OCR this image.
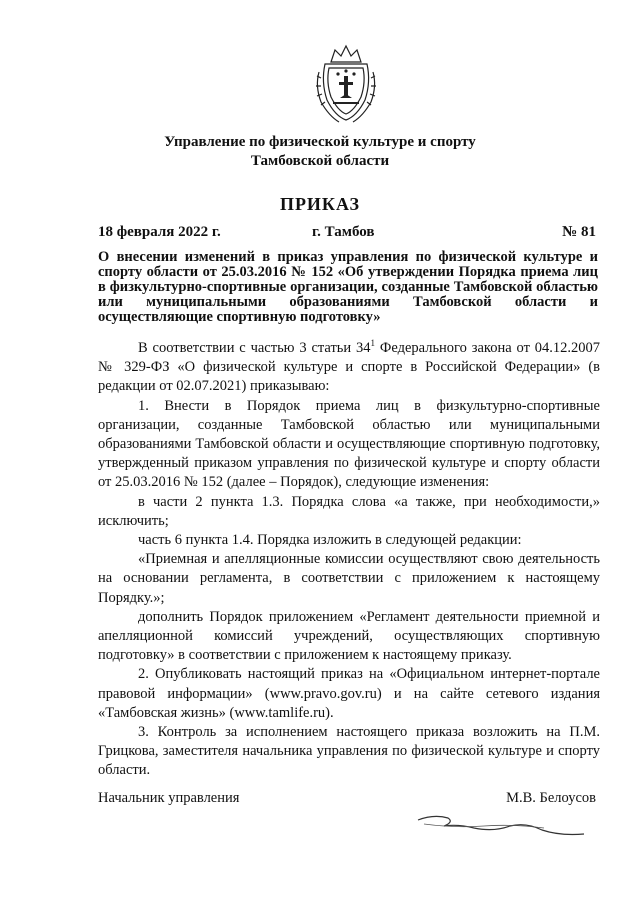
Управление по физической культуре и спорту
Тамбовской области
ПРИКАЗ
18 февраля 2022 г.	г. Тамбов	№ 81
О внесении изменений в приказ управления по физической культуре и спорту области от 25.03.2016 № 152 «Об утверждении Порядка приема лиц в физкультурно-спортивные организации, созданные Тамбовской областью или муниципальными образованиями Тамбовской области и осуществляющие спортивную подготовку»

В соответствии с частью 3 статьи $34^1$ Федерального закона от 04.12.2007 № 329-ФЗ «О физической культуре и спорте в Российской Федерации» (в редакции от 02.07.2021) приказываю:

1. Внести в Порядок приема лиц в физкультурно-спортивные организации, созданные Тамбовской областью или муниципальными образованиями Тамбовской области и осуществляющие спортивную подготовку, утвержденный приказом управления по физической культуре и спорту области от 25.03.2016 № 152 (далее – Порядок), следующие изменения:

в части 2 пункта 1.3. Порядка слова «а также, при необходимости,» исключить;

часть 6 пункта 1.4. Порядка изложить в следующей редакции:

«Приемная и апелляционные комиссии осуществляют свою деятельность на основании регламента, в соответствии с приложением к настоящему Порядку.»;

дополнить Порядок приложением «Регламент деятельности приемной и апелляционной комиссий учреждений, осуществляющих спортивную подготовку» в соответствии с приложением к настоящему приказу.

2. Опубликовать настоящий приказ на «Официальном интернет-портале правовой информации» (www.pravo.gov.ru) и на сайте сетевого издания «Тамбовская жизнь» (www.tamlife.ru).

3. Контроль за исполнением настоящего приказа возложить на П.М. Грицкова, заместителя начальника управления по физической культуре и спорту области.

Начальник управления	М.В. Белоусов
